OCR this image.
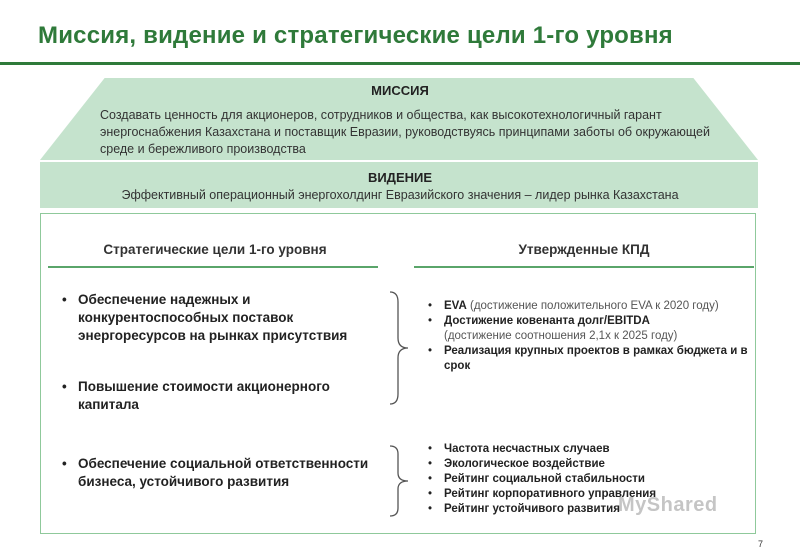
Миссия, видение и стратегические цели 1-го уровня
МИССИЯ
Создавать ценность для акционеров, сотрудников и общества, как высокотехнологичный гарант энергоснабжения Казахстана и поставщик Евразии, руководствуясь принципами заботы об окружающей среде и бережливого производства
ВИДЕНИЕ
Эффективный операционный энергохолдинг Евразийского значения – лидер рынка Казахстана
Стратегические цели 1-го уровня	Утвержденные КПД
• Обеспечение надежных и конкурентоспособных поставок энергоресурсов на рынках присутствия
• Повышение стоимости акционерного капитала
• Обеспечение социальной ответственности бизнеса, устойчивого развития
• EVA (достижение положительного EVA к 2020 году)
• Достижение ковенанта долг/EBITDA
(достижение соотношения 2,1х к 2025 году)
• Реализация крупных проектов в рамках бюджета и в срок
• Частота несчастных случаев
• Экологическое воздействие
• Рейтинг социальной стабильности
• Рейтинг корпоративного управления
• Рейтинг устойчивого развития
MyShared
7
